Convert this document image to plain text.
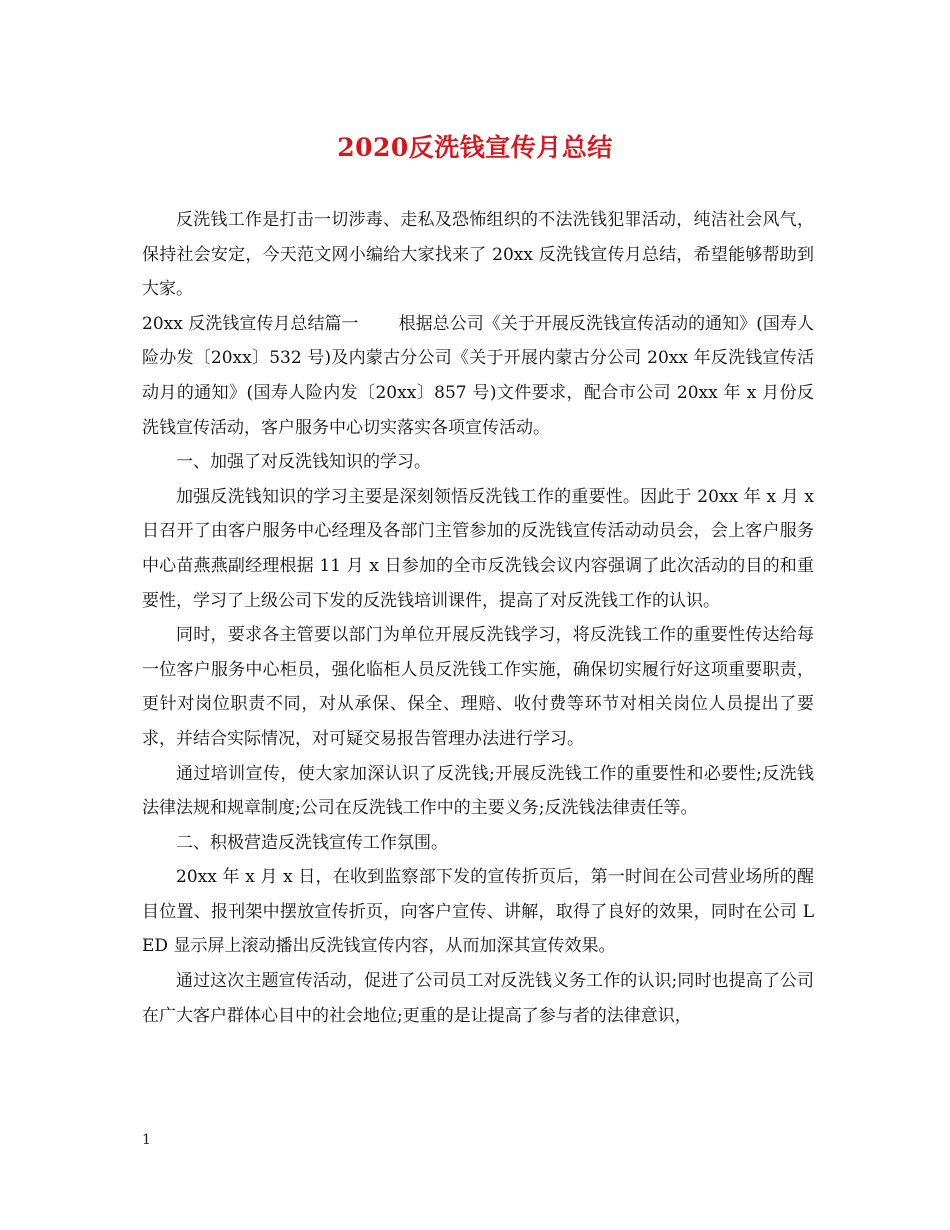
2020反洗钱宣传月总结

反洗钱工作是打击一切涉毒、走私及恐怖组织的不法洗钱犯罪活动，纯洁社会风气，保持社会安定，今天范文网小编给大家找来了 20xx 反洗钱宣传月总结，希望能够帮助到大家。

20xx 反洗钱宣传月总结篇一 根据总公司《关于开展反洗钱宣传活动的通知》(国寿人险办发〔20xx〕532 号)及内蒙古分公司《关于开展内蒙古分公司 20xx 年反洗钱宣传活动月的通知》(国寿人险内发〔20xx〕857 号)文件要求，配合市公司 20xx 年 x 月份反洗钱宣传活动，客户服务中心切实落实各项宣传活动。

一、加强了对反洗钱知识的学习。

加强反洗钱知识的学习主要是深刻领悟反洗钱工作的重要性。因此于 20xx 年 x 月 x 日召开了由客户服务中心经理及各部门主管参加的反洗钱宣传活动动员会，会上客户服务中心苗燕燕副经理根据 11 月 x 日参加的全市反洗钱会议内容强调了此次活动的目的和重要性，学习了上级公司下发的反洗钱培训课件，提高了对反洗钱工作的认识。

同时，要求各主管要以部门为单位开展反洗钱学习，将反洗钱工作的重要性传达给每一位客户服务中心柜员，强化临柜人员反洗钱工作实施，确保切实履行好这项重要职责，更针对岗位职责不同，对从承保、保全、理赔、收付费等环节对相关岗位人员提出了要求，并结合实际情况，对可疑交易报告管理办法进行学习。

通过培训宣传，使大家加深认识了反洗钱;开展反洗钱工作的重要性和必要性;反洗钱法律法规和规章制度;公司在反洗钱工作中的主要义务;反洗钱法律责任等。

二、积极营造反洗钱宣传工作氛围。

20xx 年 x 月 x 日，在收到监察部下发的宣传折页后，第一时间在公司营业场所的醒目位置、报刊架中摆放宣传折页，向客户宣传、讲解，取得了良好的效果，同时在公司 LED 显示屏上滚动播出反洗钱宣传内容，从而加深其宣传效果。

通过这次主题宣传活动，促进了公司员工对反洗钱义务工作的认识;同时也提高了公司在广大客户群体心目中的社会地位;更重的是让提高了参与者的法律意识，

1
